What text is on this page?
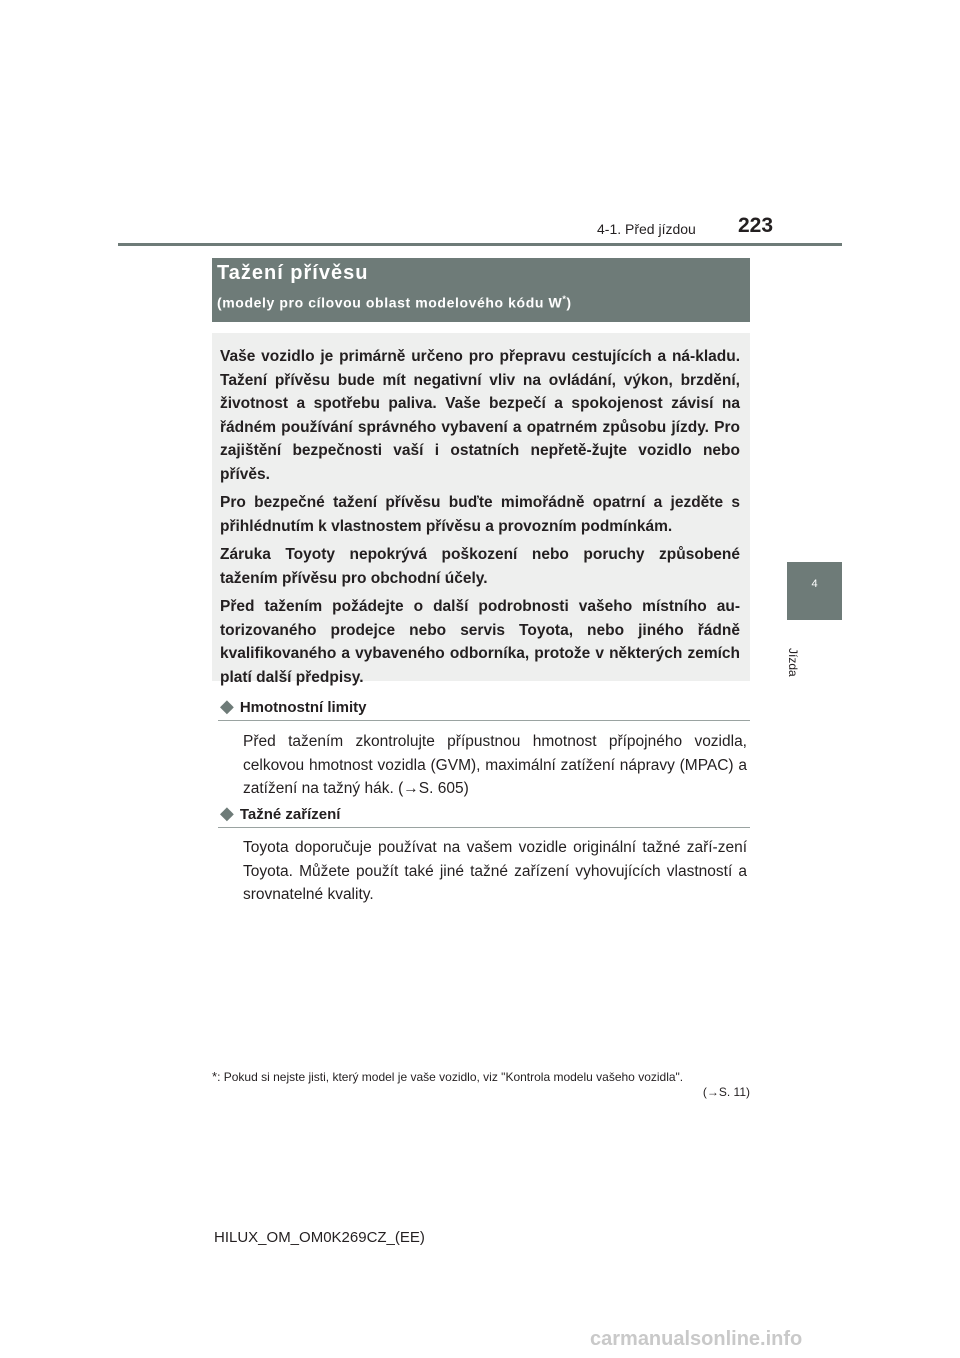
4-1. Před jízdou 223
4
Jízda
Tažení přívěsu
(modely pro cílovou oblast modelového kódu W*)

Vaše vozidlo je primárně určeno pro přepravu cestujících a ná-kladu. Tažení přívěsu bude mít negativní vliv na ovládání, výkon, brzdění, životnost a spotřebu paliva. Vaše bezpečí a spokojenost závisí na řádném používání správného vybavení a opatrném způsobu jízdy. Pro zajištění bezpečnosti vaší i ostatních nepřetě-žujte vozidlo nebo přívěs.

Pro bezpečné tažení přívěsu buďte mimořádně opatrní a jezděte s přihlédnutím k vlastnostem přívěsu a provozním podmínkám.

Záruka Toyoty nepokrývá poškození nebo poruchy způsobené tažením přívěsu pro obchodní účely.

Před tažením požádejte o další podrobnosti vašeho místního au-torizovaného prodejce nebo servis Toyota, nebo jiného řádně kvalifikovaného a vybaveného odborníka, protože v některých zemích platí další předpisy.

◆ Hmotnostní limity
Před tažením zkontrolujte přípustnou hmotnost přípojného vozidla, celkovou hmotnost vozidla (GVM), maximální zatížení nápravy (MPAC) a zatížení na tažný hák. (→S. 605)
◆ Tažné zařízení
Toyota doporučuje používat na vašem vozidle originální tažné zaří-zení Toyota. Můžete použít také jiné tažné zařízení vyhovujících vlastností a srovnatelné kvality.
*: Pokud si nejste jisti, který model je vaše vozidlo, viz "Kontrola modelu vašeho vozidla".
(→S. 11)
HILUX_OM_OM0K269CZ_(EE)
carmanualsonline.info
